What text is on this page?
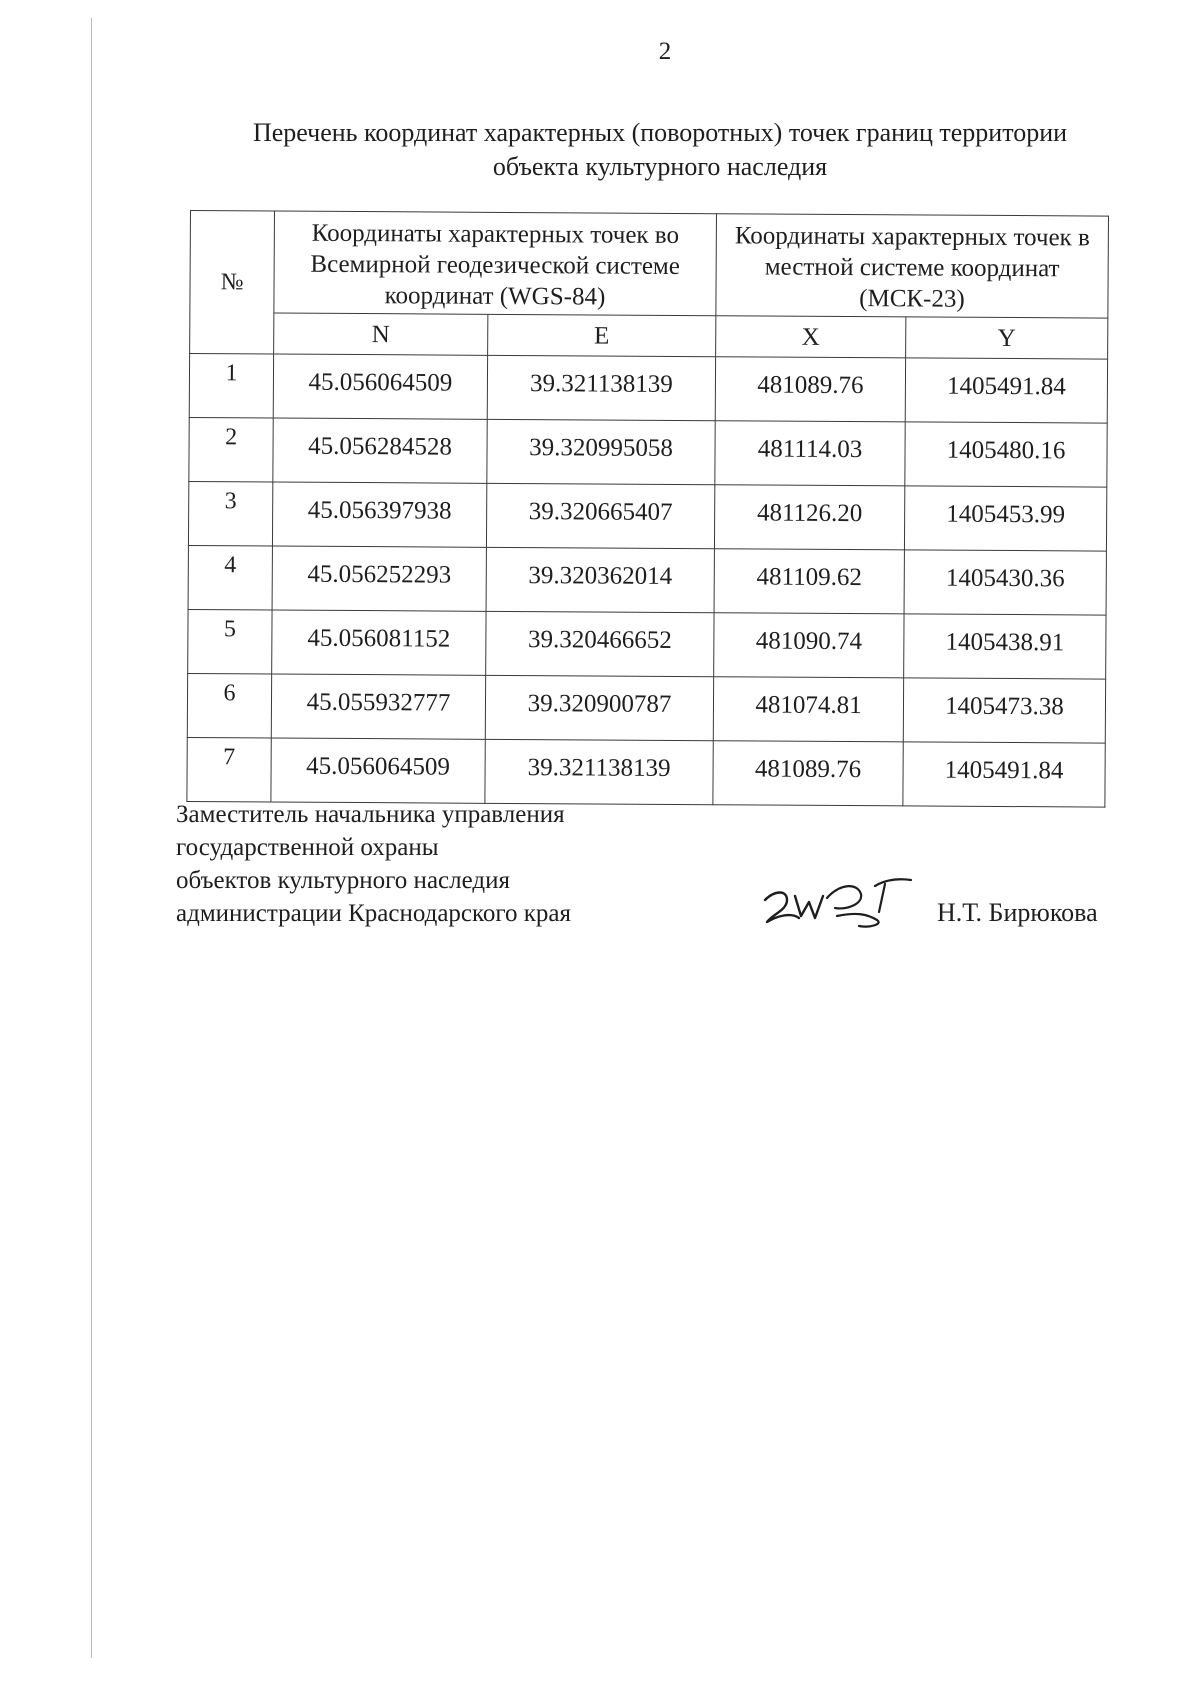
2
Перечень координат характерных (поворотных) точек границ территории
объекта культурного наследия
№	Координаты характерных точек во Всемирной геодезической системе координат (WGS-84)		Координаты характерных точек в местной системе координат (МСК-23)	
	N	E	X	Y
1	45.056064509	39.321138139	481089.76	1405491.84
2	45.056284528	39.320995058	481114.03	1405480.16
3	45.056397938	39.320665407	481126.20	1405453.99
4	45.056252293	39.320362014	481109.62	1405430.36
5	45.056081152	39.320466652	481090.74	1405438.91
6	45.055932777	39.320900787	481074.81	1405473.38
7	45.056064509	39.321138139	481089.76	1405491.84
Заместитель начальника управления
государственной охраны
объектов культурного наследия
администрации Краснодарского края	Н.Т. Бирюкова
